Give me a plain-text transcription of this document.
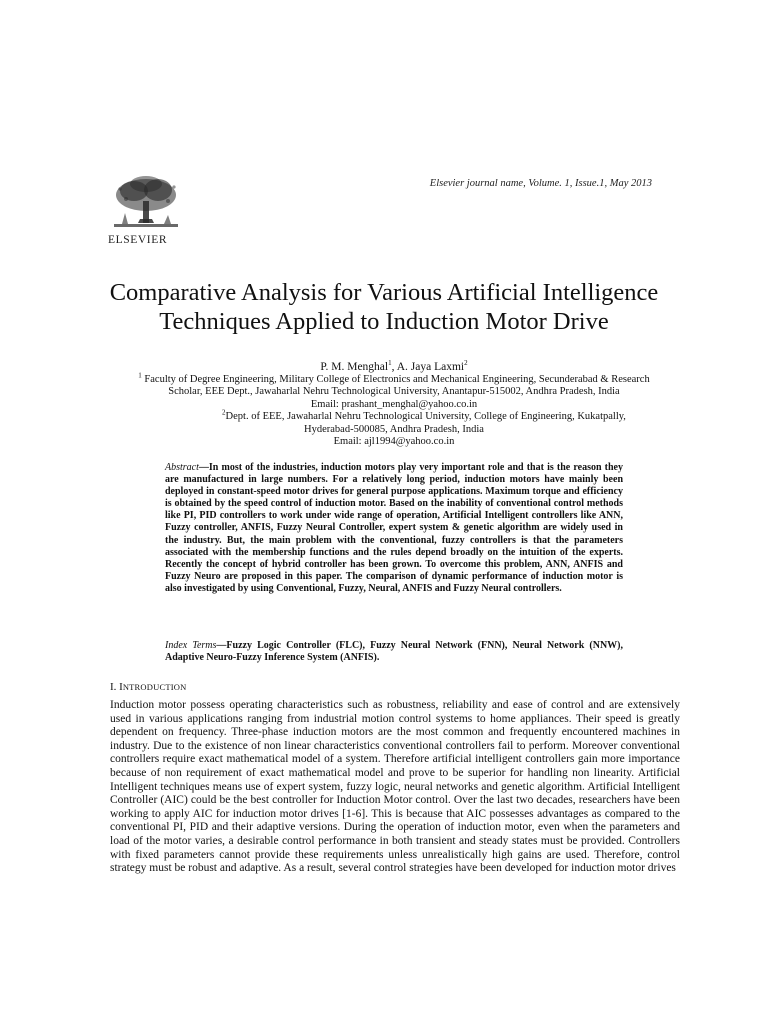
Elsevier journal name, Volume. 1, Issue.1, May 2013
ELSEVIER
Comparative Analysis for Various Artificial Intelligence Techniques Applied to Induction Motor Drive
P. M. Menghal$^1$, A. Jaya Laxmi$^2$
$^1$ Faculty of Degree Engineering, Military College of Electronics and Mechanical Engineering, Secunderabad & Research
Scholar, EEE Dept., Jawaharlal Nehru Technological University, Anantapur-515002, Andhra Pradesh, India
Email: prashant_menghal@yahoo.co.in
$^2$Dept. of EEE, Jawaharlal Nehru Technological University, College of Engineering, Kukatpally,
Hyderabad-500085, Andhra Pradesh, India
Email: ajl1994@yahoo.co.in
Abstract—In most of the industries, induction motors play very important role and that is the reason they are manufactured in large numbers. For a relatively long period, induction motors have mainly been deployed in constant-speed motor drives for general purpose applications. Maximum torque and efficiency is obtained by the speed control of induction motor. Based on the inability of conventional control methods like PI, PID controllers to work under wide range of operation, Artificial Intelligent controllers like ANN, Fuzzy controller, ANFIS, Fuzzy Neural Controller, expert system & genetic algorithm are widely used in the industry. But, the main problem with the conventional, fuzzy controllers is that the parameters associated with the membership functions and the rules depend broadly on the intuition of the experts. Recently the concept of hybrid controller has been grown. To overcome this problem, ANN, ANFIS and Fuzzy Neuro are proposed in this paper. The comparison of dynamic performance of induction motor is also investigated by using Conventional, Fuzzy, Neural, ANFIS and Fuzzy Neural controllers.
Index Terms—Fuzzy Logic Controller (FLC), Fuzzy Neural Network (FNN), Neural Network (NNW), Adaptive Neuro-Fuzzy Inference System (ANFIS).
I. INTRODUCTION
Induction motor possess operating characteristics such as robustness, reliability and ease of control and are extensively used in various applications ranging from industrial motion control systems to home appliances. Their speed is greatly dependent on frequency. Three-phase induction motors are the most common and frequently encountered machines in industry. Due to the existence of non linear characteristics conventional controllers fail to perform. Moreover conventional controllers require exact mathematical model of a system. Therefore artificial intelligent controllers gain more importance because of non requirement of exact mathematical model and prove to be superior for handling non linearity. Artificial Intelligent techniques means use of expert system, fuzzy logic, neural networks and genetic algorithm. Artificial Intelligent Controller (AIC) could be the best controller for Induction Motor control. Over the last two decades, researchers have been working to apply AIC for induction motor drives [1-6]. This is because that AIC possesses advantages as compared to the conventional PI, PID and their adaptive versions. During the operation of induction motor, even when the parameters and load of the motor varies, a desirable control performance in both transient and steady states must be provided. Controllers with fixed parameters cannot provide these requirements unless unrealistically high gains are used. Therefore, control strategy must be robust and adaptive. As a result, several control strategies have been developed for induction motor drives
